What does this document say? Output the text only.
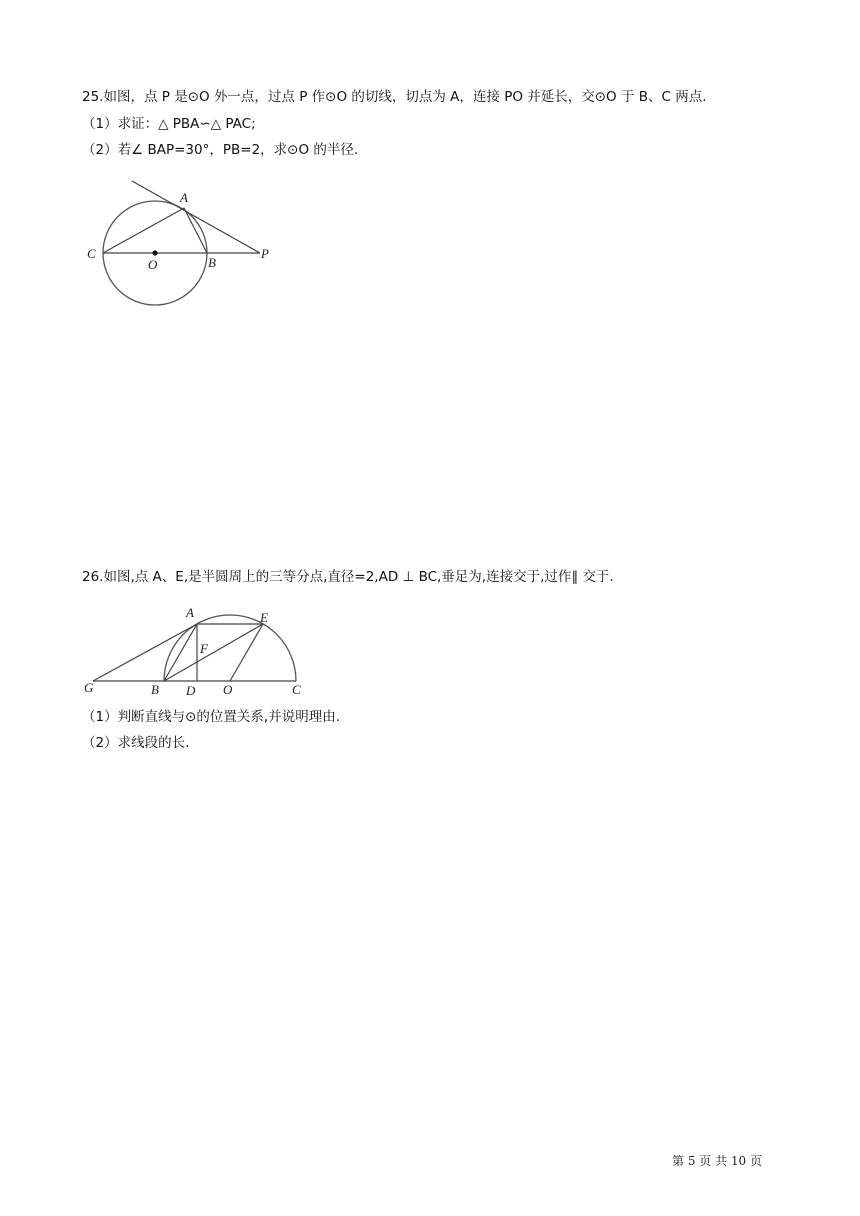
25.如图，点 P 是⊙O 外一点，过点 P 作⊙O 的切线，切点为 A，连接 PO 并延长，交⊙O 于 B、C 两点.
（1）求证：△ PBA∽△ PAC;
（2）若∠ BAP=30°，PB=2，求⊙O 的半径.
A
C
O	B
P
26.如图,点 A、E,是半圆周上的三等分点,直径=2,AD ⊥ BC,垂足为,连接交于,过作∥ 交于.
A	E
F
G	B D O	C
（1）判断直线与⊙的位置关系,并说明理由.
（2）求线段的长.
第 5 页 共 10 页
